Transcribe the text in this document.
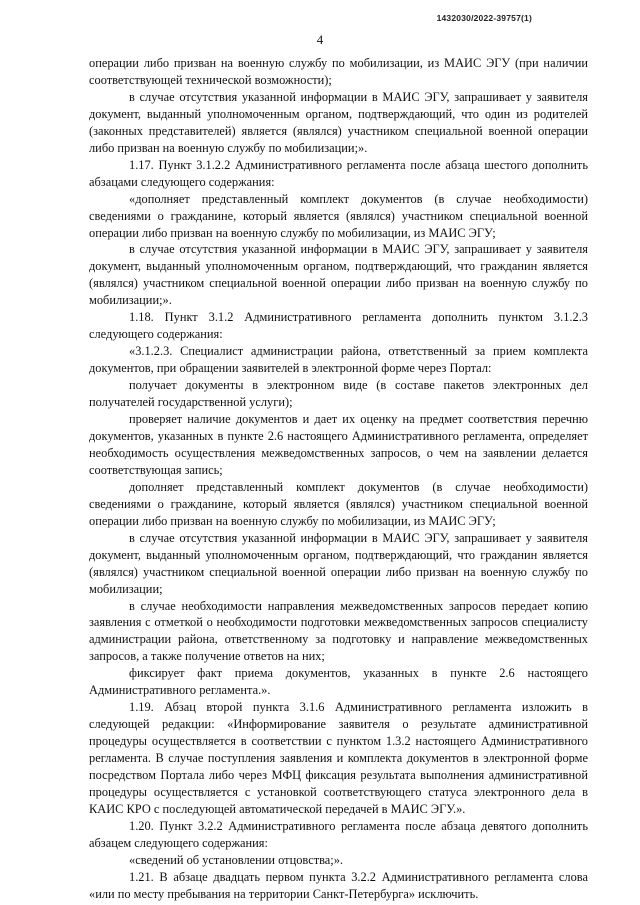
1432030/2022-39757(1)
4

операции либо призван на военную службу по мобилизации, из МАИС ЭГУ (при наличии соответствующей технической возможности);

в случае отсутствия указанной информации в МАИС ЭГУ, запрашивает у заявителя документ, выданный уполномоченным органом, подтверждающий, что один из родителей (законных представителей) является (являлся) участником специальной военной операции либо призван на военную службу по мобилизации;».

1.17. Пункт 3.1.2.2 Административного регламента после абзаца шестого дополнить абзацами следующего содержания:

«дополняет представленный комплект документов (в случае необходимости) сведениями о гражданине, который является (являлся) участником специальной военной операции либо призван на военную службу по мобилизации, из МАИС ЭГУ;

в случае отсутствия указанной информации в МАИС ЭГУ, запрашивает у заявителя документ, выданный уполномоченным органом, подтверждающий, что гражданин является (являлся) участником специальной военной операции либо призван на военную службу по мобилизации;».

1.18. Пункт 3.1.2 Административного регламента дополнить пунктом 3.1.2.3 следующего содержания:

«3.1.2.3. Специалист администрации района, ответственный за прием комплекта документов, при обращении заявителей в электронной форме через Портал:

получает документы в электронном виде (в составе пакетов электронных дел получателей государственной услуги);

проверяет наличие документов и дает их оценку на предмет соответствия перечню документов, указанных в пункте 2.6 настоящего Административного регламента, определяет необходимость осуществления межведомственных запросов, о чем на заявлении делается соответствующая запись;

дополняет представленный комплект документов (в случае необходимости) сведениями о гражданине, который является (являлся) участником специальной военной операции либо призван на военную службу по мобилизации, из МАИС ЭГУ;

в случае отсутствия указанной информации в МАИС ЭГУ, запрашивает у заявителя документ, выданный уполномоченным органом, подтверждающий, что гражданин является (являлся) участником специальной военной операции либо призван на военную службу по мобилизации;

в случае необходимости направления межведомственных запросов передает копию заявления с отметкой о необходимости подготовки межведомственных запросов специалисту администрации района, ответственному за подготовку и направление межведомственных запросов, а также получение ответов на них;

фиксирует факт приема документов, указанных в пункте 2.6 настоящего Административного регламента.».

1.19. Абзац второй пункта 3.1.6 Административного регламента изложить в следующей редакции: «Информирование заявителя о результате административной процедуры осуществляется в соответствии с пунктом 1.3.2 настоящего Административного регламента. В случае поступления заявления и комплекта документов в электронной форме посредством Портала либо через МФЦ фиксация результата выполнения административной процедуры осуществляется с установкой соответствующего статуса электронного дела в КАИС КРО с последующей автоматической передачей в МАИС ЭГУ.».

1.20. Пункт 3.2.2 Административного регламента после абзаца девятого дополнить абзацем следующего содержания:

«сведений об установлении отцовства;».

1.21. В абзаце двадцать первом пункта 3.2.2 Административного регламента слова «или по месту пребывания на территории Санкт-Петербурга» исключить.
